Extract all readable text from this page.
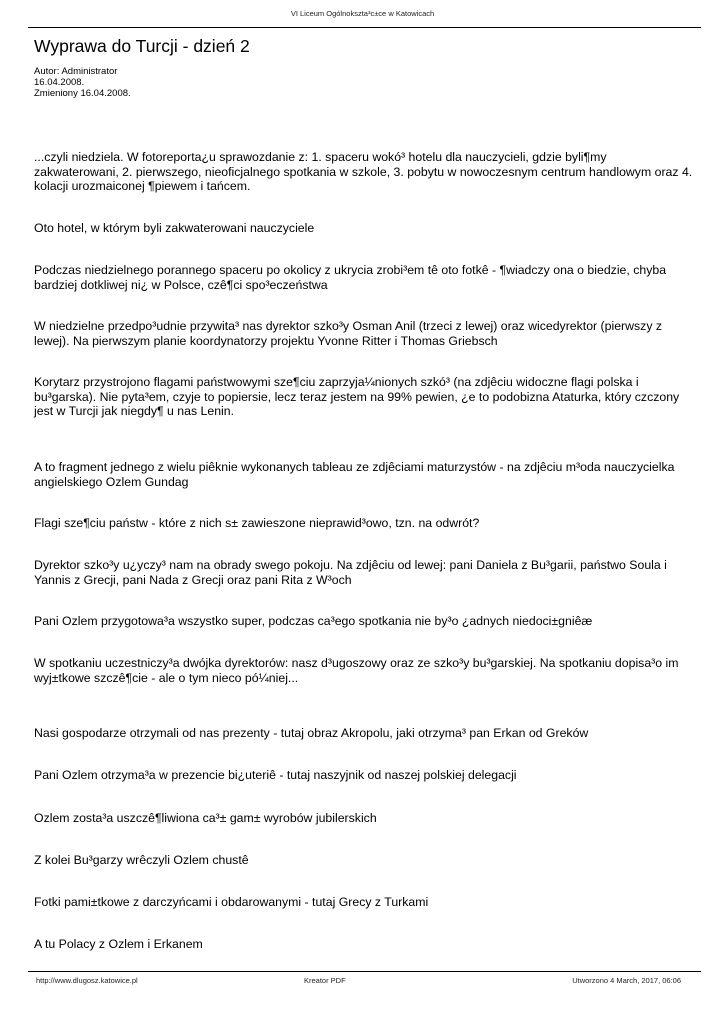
VI Liceum Ogólnokszta³c±ce w Katowicach
Wyprawa do Turcji - dzień 2
Autor: Administrator
16.04.2008.
Zmieniony 16.04.2008.
...czyli niedziela. W fotoreporta¿u sprawozdanie z: 1. spaceru wokó³ hotelu dla nauczycieli, gdzie byli¶my zakwaterowani, 2. pierwszego, nieoficjalnego spotkania w szkole, 3. pobytu w nowoczesnym centrum handlowym oraz 4. kolacji urozmaiconej ¶piewem i tańcem.
Oto hotel, w którym byli zakwaterowani nauczyciele
Podczas niedzielnego porannego spaceru po okolicy z ukrycia zrobi³em tê oto fotkê - ¶wiadczy ona o biedzie, chyba bardziej dotkliwej ni¿ w Polsce, czê¶ci spo³eczeństwa
W niedzielne przedpo³udnie przywita³ nas dyrektor szko³y Osman Anil (trzeci z lewej) oraz wicedyrektor (pierwszy z lewej). Na pierwszym planie koordynatorzy projektu Yvonne Ritter i Thomas Griebsch
Korytarz przystrojono flagami państwowymi sze¶ciu zaprzyja¼nionych szkó³ (na zdjêciu widoczne flagi polska i bu³garska). Nie pyta³em, czyje to popiersie, lecz teraz jestem na 99% pewien, ¿e to podobizna Ataturka, który czczony jest w Turcji jak niegdy¶ u nas Lenin.
A to fragment jednego z wielu piêknie wykonanych tableau ze zdjêciami maturzystów - na zdjêciu m³oda nauczycielka angielskiego Ozlem Gundag
Flagi sze¶ciu państw - które z nich s± zawieszone nieprawid³owo, tzn. na odwrót?
Dyrektor szko³y u¿yczy³ nam na obrady swego pokoju. Na zdjêciu od lewej: pani Daniela z Bu³garii, państwo Soula i Yannis z Grecji, pani Nada z Grecji oraz pani Rita z W³och
Pani Ozlem przygotowa³a wszystko super, podczas ca³ego spotkania nie by³o ¿adnych niedoci±gniêæ
W spotkaniu uczestniczy³a dwójka dyrektorów: nasz d³ugoszowy oraz ze szko³y bu³garskiej. Na spotkaniu dopisa³o im wyj±tkowe szczê¶cie - ale o tym nieco pó¼niej...
Nasi gospodarze otrzymali od nas prezenty - tutaj obraz Akropolu, jaki otrzyma³ pan Erkan od Greków
Pani Ozlem otrzyma³a w prezencie bi¿uteriê - tutaj naszyjnik od naszej polskiej delegacji
Ozlem zosta³a uszczê¶liwiona ca³± gam± wyrobów jubilerskich
Z kolei Bu³garzy wrêczyli Ozlem chustê
Fotki pami±tkowe z darczyńcami i obdarowanymi - tutaj Grecy z Turkami
A tu Polacy z Ozlem i Erkanem
http://www.dlugosz.katowice.pl	Kreator PDF	Utworzono 4 March, 2017, 06:06
